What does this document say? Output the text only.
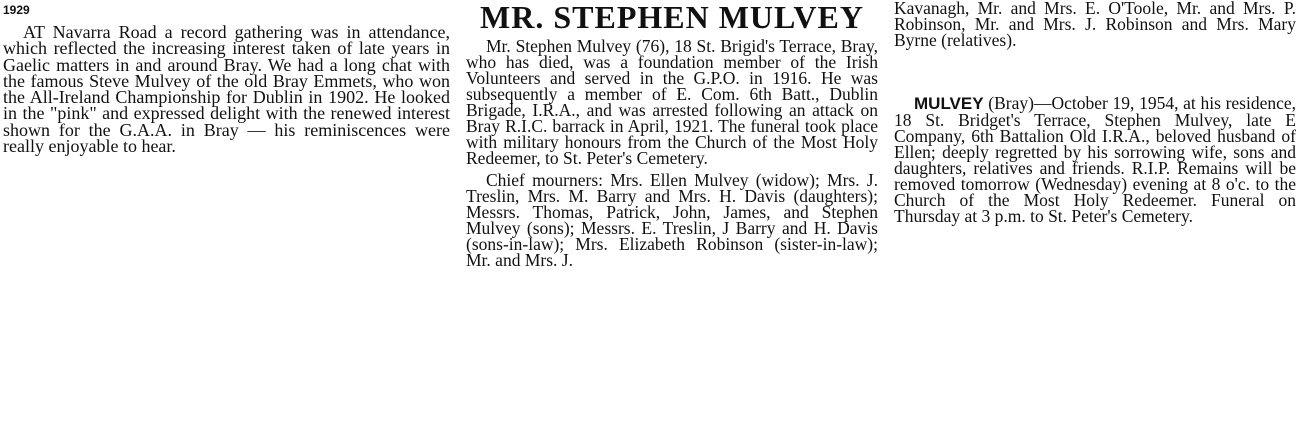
1929

AT Navarra Road a record gathering was in attendance, which reflected the increasing interest taken of late years in Gaelic matters in and around Bray. We had a long chat with the famous Steve Mulvey of the old Bray Emmets, who won the All-Ireland Championship for Dublin in 1902. He looked in the "pink" and expressed delight with the renewed interest shown for the G.A.A. in Bray — his reminiscences were really enjoyable to hear.

MR. STEPHEN MULVEY

Mr. Stephen Mulvey (76), 18 St. Brigid's Terrace, Bray, who has died, was a foundation member of the Irish Volunteers and served in the G.P.O. in 1916. He was subsequently a member of E. Com. 6th Batt., Dublin Brigade, I.R.A., and was arrested following an attack on Bray R.I.C. barrack in April, 1921. The funeral took place with military honours from the Church of the Most Holy Redeemer, to St. Peter's Cemetery.

Chief mourners: Mrs. Ellen Mulvey (widow); Mrs. J. Treslin, Mrs. M. Barry and Mrs. H. Davis (daughters); Messrs. Thomas, Patrick, John, James, and Stephen Mulvey (sons); Messrs. E. Treslin, J Barry and H. Davis (sons-in-law); Mrs. Elizabeth Robinson (sister-in-law); Mr. and Mrs. J.

Kavanagh, Mr. and Mrs. E. O'Toole, Mr. and Mrs. P. Robinson, Mr. and Mrs. J. Robinson and Mrs. Mary Byrne (relatives).

MULVEY (Bray)—October 19, 1954, at his residence, 18 St. Bridget's Terrace, Stephen Mulvey, late E Company, 6th Battalion Old I.R.A., beloved husband of Ellen; deeply regretted by his sorrowing wife, sons and daughters, relatives and friends. R.I.P. Remains will be removed tomorrow (Wednesday) evening at 8 o'c. to the Church of the Most Holy Redeemer. Funeral on Thursday at 3 p.m. to St. Peter's Cemetery.
